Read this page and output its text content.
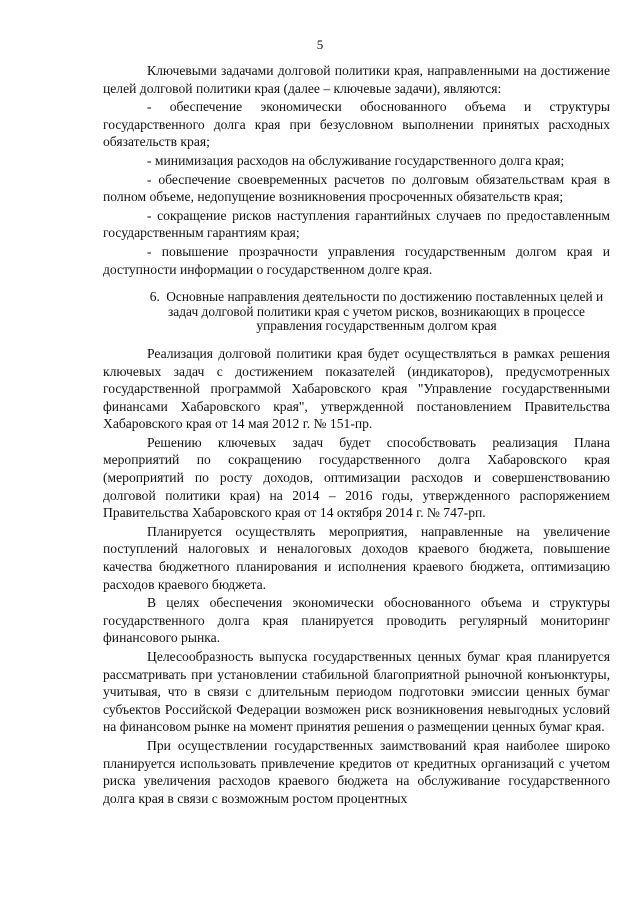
5

Ключевыми задачами долговой политики края, направленными на достижение целей долговой политики края (далее – ключевые задачи), являются:

- обеспечение экономически обоснованного объема и структуры государственного долга края при безусловном выполнении принятых расходных обязательств края;

- минимизация расходов на обслуживание государственного долга края;

- обеспечение своевременных расчетов по долговым обязательствам края в полном объеме, недопущение возникновения просроченных обязательств края;

- сокращение рисков наступления гарантийных случаев по предоставленным государственным гарантиям края;

- повышение прозрачности управления государственным долгом края и доступности информации о государственном долге края.

6. Основные направления деятельности по достижению поставленных целей и задач долговой политики края с учетом рисков, возникающих в процессе управления государственным долгом края

Реализация долговой политики края будет осуществляться в рамках решения ключевых задач с достижением показателей (индикаторов), предусмотренных государственной программой Хабаровского края "Управление государственными финансами Хабаровского края", утвержденной постановлением Правительства Хабаровского края от 14 мая 2012 г. № 151-пр.

Решению ключевых задач будет способствовать реализация Плана мероприятий по сокращению государственного долга Хабаровского края (мероприятий по росту доходов, оптимизации расходов и совершенствованию долговой политики края) на 2014 – 2016 годы, утвержденного распоряжением Правительства Хабаровского края от 14 октября 2014 г. № 747-рп.

Планируется осуществлять мероприятия, направленные на увеличение поступлений налоговых и неналоговых доходов краевого бюджета, повышение качества бюджетного планирования и исполнения краевого бюджета, оптимизацию расходов краевого бюджета.

В целях обеспечения экономически обоснованного объема и структуры государственного долга края планируется проводить регулярный мониторинг финансового рынка.

Целесообразность выпуска государственных ценных бумаг края планируется рассматривать при установлении стабильной благоприятной рыночной конъюнктуры, учитывая, что в связи с длительным периодом подготовки эмиссии ценных бумаг субъектов Российской Федерации возможен риск возникновения невыгодных условий на финансовом рынке на момент принятия решения о размещении ценных бумаг края.

При осуществлении государственных заимствований края наиболее широко планируется использовать привлечение кредитов от кредитных организаций с учетом риска увеличения расходов краевого бюджета на обслуживание государственного долга края в связи с возможным ростом процентных
